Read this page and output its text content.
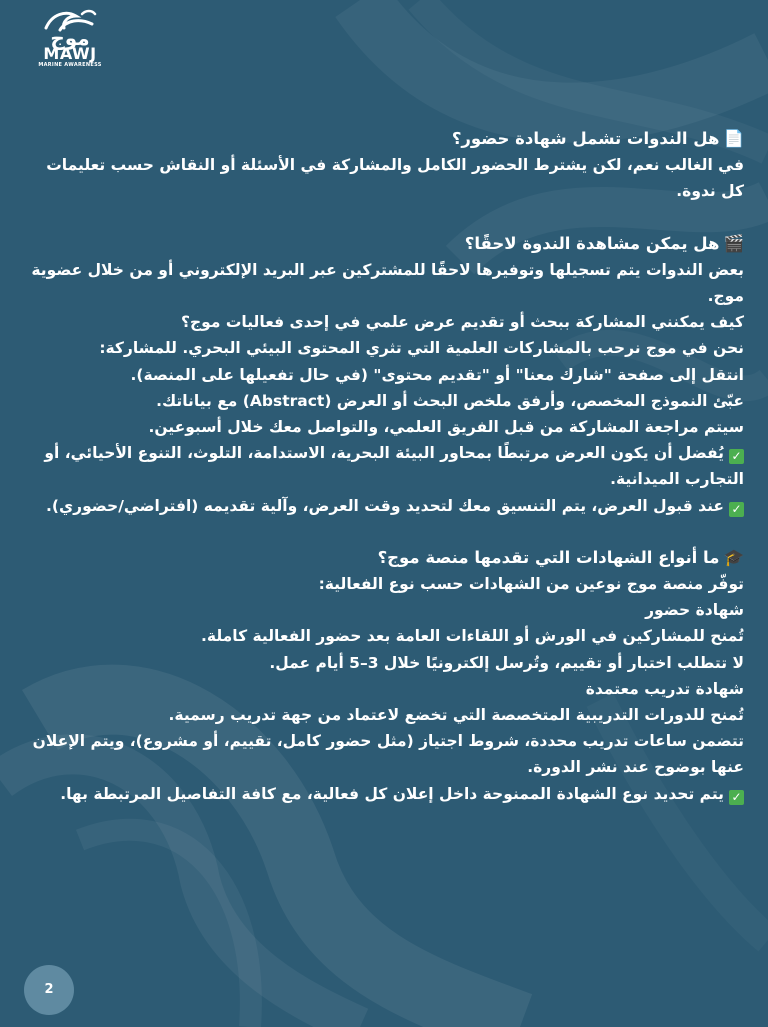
موج
MAWJ
MARINE AWARENESS
📄هل الندوات تشمل شهادة حضور؟
في الغالب نعم، لكن يشترط الحضور الكامل والمشاركة في الأسئلة أو النقاش حسب تعليمات كل ندوة.
🎬هل يمكن مشاهدة الندوة لاحقًا؟
بعض الندوات يتم تسجيلها وتوفيرها لاحقًا للمشتركين عبر البريد الإلكتروني أو من خلال عضوية موج.
كيف يمكنني المشاركة ببحث أو تقديم عرض علمي في إحدى فعاليات موج؟
نحن في موج نرحب بالمشاركات العلمية التي تثري المحتوى البيئي البحري. للمشاركة:
انتقل إلى صفحة "شارك معنا" أو "تقديم محتوى" (في حال تفعيلها على المنصة).
عبّئ النموذج المخصص، وأرفق ملخص البحث أو العرض (Abstract) مع بياناتك.
سيتم مراجعة المشاركة من قبل الفريق العلمي، والتواصل معك خلال أسبوعين.
✓يُفضل أن يكون العرض مرتبطًا بمحاور البيئة البحرية، الاستدامة، التلوث، التنوع الأحيائي، أو التجارب الميدانية.
✓عند قبول العرض، يتم التنسيق معك لتحديد وقت العرض، وآلية تقديمه (افتراضي/حضوري).
🎓ما أنواع الشهادات التي تقدمها منصة موج؟
توفّر منصة موج نوعين من الشهادات حسب نوع الفعالية:
شهادة حضور
تُمنح للمشاركين في الورش أو اللقاءات العامة بعد حضور الفعالية كاملة.
لا تتطلب اختبار أو تقييم، وتُرسل إلكترونيًا خلال 3–5 أيام عمل.
شهادة تدريب معتمدة
تُمنح للدورات التدريبية المتخصصة التي تخضع لاعتماد من جهة تدريب رسمية.
تتضمن ساعات تدريب محددة، شروط اجتياز (مثل حضور كامل، تقييم، أو مشروع)، ويتم الإعلان عنها بوضوح عند نشر الدورة.
✓يتم تحديد نوع الشهادة الممنوحة داخل إعلان كل فعالية، مع كافة التفاصيل المرتبطة بها.
2
